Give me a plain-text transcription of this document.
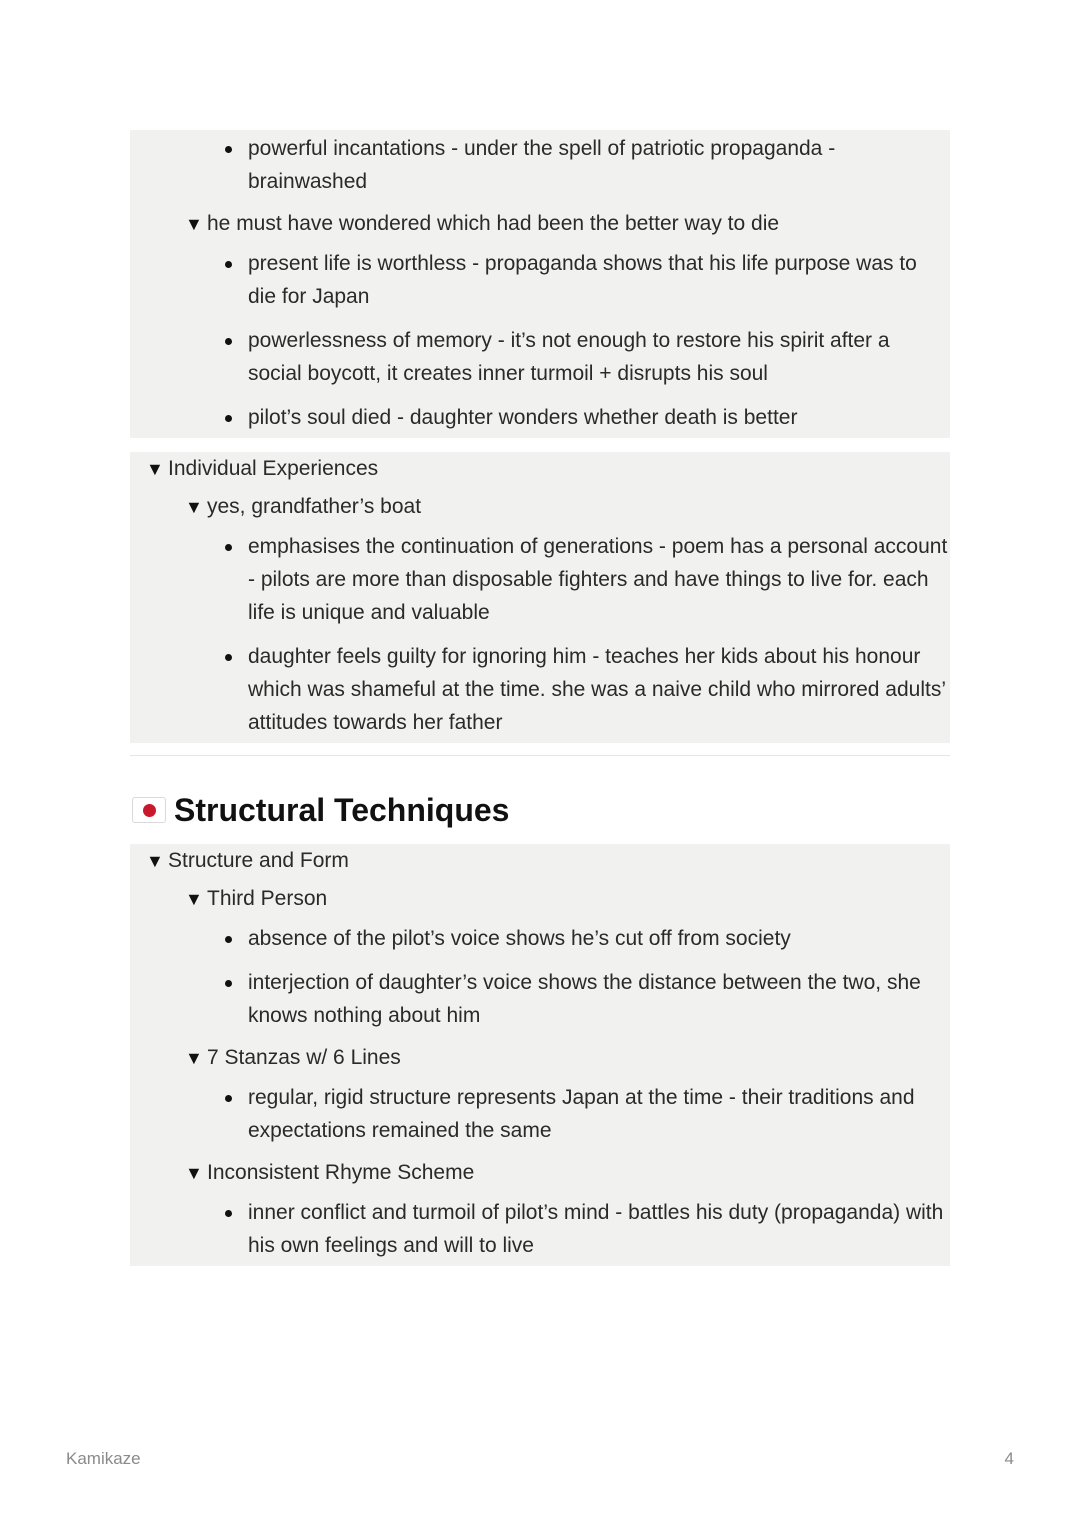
powerful incantations - under the spell of patriotic propaganda - brainwashed
▼ he must have wondered which had been the better way to die
present life is worthless - propaganda shows that his life purpose was to die for Japan
powerlessness of memory - it’s not enough to restore his spirit after a social boycott, it creates inner turmoil + disrupts his soul
pilot’s soul died - daughter wonders whether death is better
▼ Individual Experiences
▼ yes, grandfather’s boat
emphasises the continuation of generations - poem has a personal account - pilots are more than disposable fighters and have things to live for. each life is unique and valuable
daughter feels guilty for ignoring him - teaches her kids about his honour which was shameful at the time. she was a naive child who mirrored adults’ attitudes towards her father
Structural Techniques
▼ Structure and Form
▼ Third Person
absence of the pilot’s voice shows he’s cut off from society
interjection of daughter’s voice shows the distance between the two, she knows nothing about him
▼ 7 Stanzas w/ 6 Lines
regular, rigid structure represents Japan at the time - their traditions and expectations remained the same
▼ Inconsistent Rhyme Scheme
inner conflict and turmoil of pilot’s mind - battles his duty (propaganda) with his own feelings and will to live
Kamikaze	4
